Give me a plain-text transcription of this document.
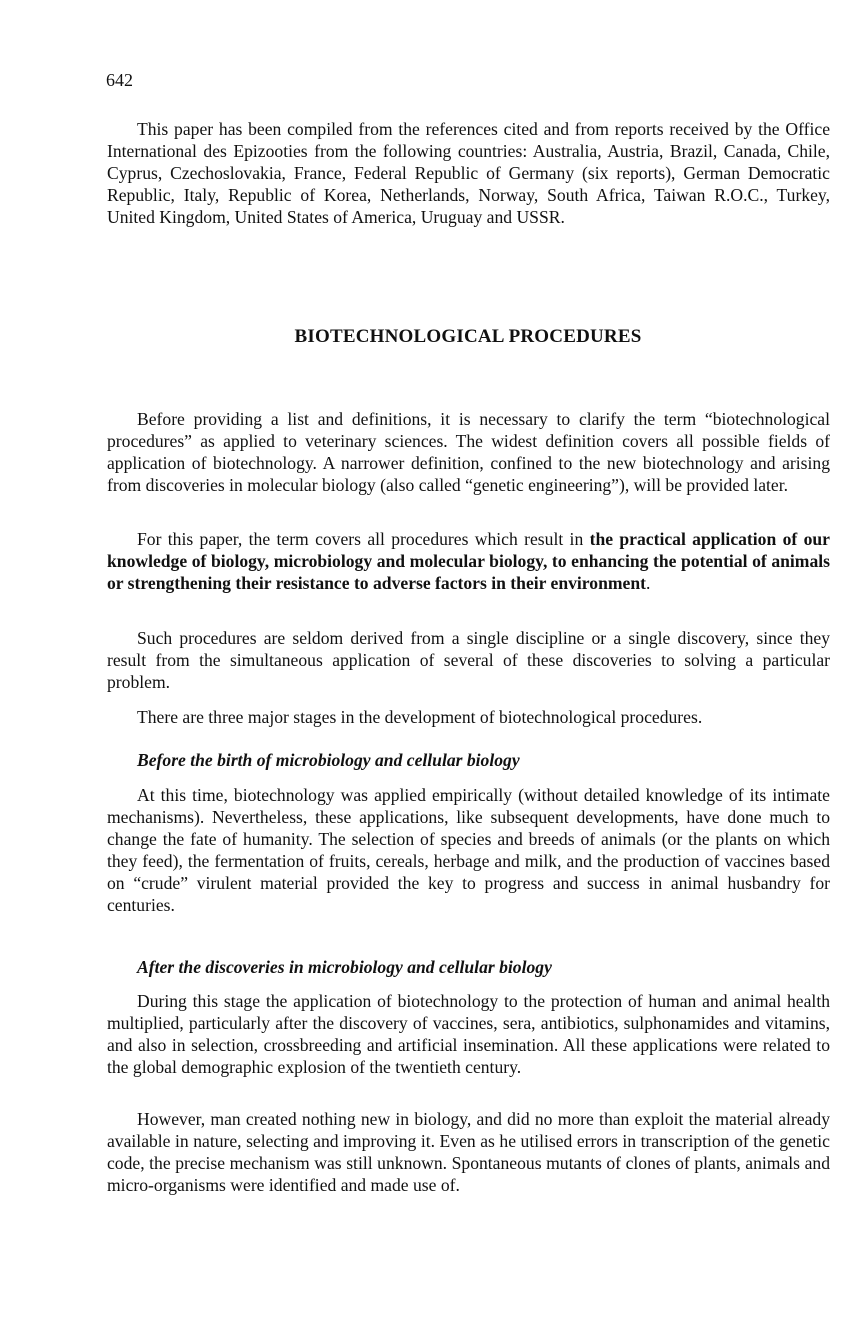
642

This paper has been compiled from the references cited and from reports received by the Office International des Epizooties from the following countries: Australia, Austria, Brazil, Canada, Chile, Cyprus, Czechoslovakia, France, Federal Republic of Germany (six reports), German Democratic Republic, Italy, Republic of Korea, Netherlands, Norway, South Africa, Taiwan R.O.C., Turkey, United Kingdom, United States of America, Uruguay and USSR.

BIOTECHNOLOGICAL PROCEDURES

Before providing a list and definitions, it is necessary to clarify the term “biotechnological procedures” as applied to veterinary sciences. The widest definition covers all possible fields of application of biotechnology. A narrower definition, confined to the new biotechnology and arising from discoveries in molecular biology (also called “genetic engineering”), will be provided later.

For this paper, the term covers all procedures which result in the practical application of our knowledge of biology, microbiology and molecular biology, to enhancing the potential of animals or strengthening their resistance to adverse factors in their environment.

Such procedures are seldom derived from a single discipline or a single discovery, since they result from the simultaneous application of several of these discoveries to solving a particular problem.

There are three major stages in the development of biotechnological procedures.

Before the birth of microbiology and cellular biology

At this time, biotechnology was applied empirically (without detailed knowledge of its intimate mechanisms). Nevertheless, these applications, like subsequent developments, have done much to change the fate of humanity. The selection of species and breeds of animals (or the plants on which they feed), the fermentation of fruits, cereals, herbage and milk, and the production of vaccines based on “crude” virulent material provided the key to progress and success in animal husbandry for centuries.

After the discoveries in microbiology and cellular biology

During this stage the application of biotechnology to the protection of human and animal health multiplied, particularly after the discovery of vaccines, sera, antibiotics, sulphonamides and vitamins, and also in selection, crossbreeding and artificial insemination. All these applications were related to the global demographic explosion of the twentieth century.

However, man created nothing new in biology, and did no more than exploit the material already available in nature, selecting and improving it. Even as he utilised errors in transcription of the genetic code, the precise mechanism was still unknown. Spontaneous mutants of clones of plants, animals and micro-organisms were identified and made use of.
